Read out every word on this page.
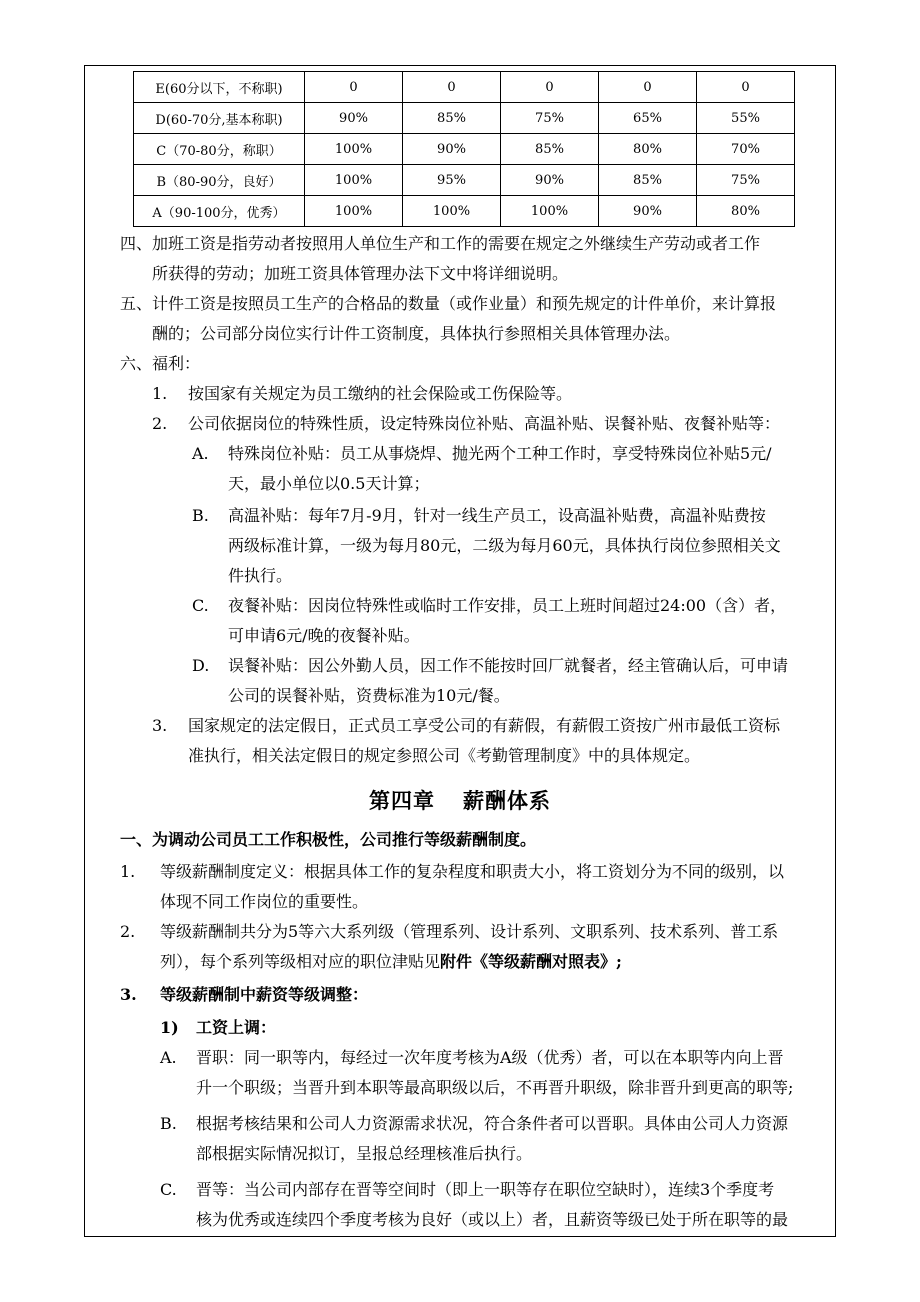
E(60分以下，不称职)	0	0	0	0	0
D(60-70分,基本称职)	90%	85%	75%	65%	55%
C（70-80分，称职）	100%	90%	85%	80%	70%
B（80-90分，良好）	100%	95%	90%	85%	75%
A（90-100分，优秀）	100%	100%	100%	90%	80%
四、加班工资是指劳动者按照用人单位生产和工作的需要在规定之外继续生产劳动或者工作
所获得的劳动；加班工资具体管理办法下文中将详细说明。
五、计件工资是按照员工生产的合格品的数量（或作业量）和预先规定的计件单价，来计算报
酬的；公司部分岗位实行计件工资制度，具体执行参照相关具体管理办法。
六、福利：
1. 按国家有关规定为员工缴纳的社会保险或工伤保险等。
2. 公司依据岗位的特殊性质，设定特殊岗位补贴、高温补贴、误餐补贴、夜餐补贴等：
A. 特殊岗位补贴：员工从事烧焊、抛光两个工种工作时，享受特殊岗位补贴5元/
天，最小单位以0.5天计算；
B. 高温补贴：每年7月-9月，针对一线生产员工，设高温补贴费，高温补贴费按
两级标准计算，一级为每月80元，二级为每月60元，具体执行岗位参照相关文
件执行。
C. 夜餐补贴：因岗位特殊性或临时工作安排，员工上班时间超过24:00（含）者，
可申请6元/晚的夜餐补贴。
D. 误餐补贴：因公外勤人员，因工作不能按时回厂就餐者，经主管确认后，可申请
公司的误餐补贴，资费标准为10元/餐。
3. 国家规定的法定假日，正式员工享受公司的有薪假，有薪假工资按广州市最低工资标
准执行，相关法定假日的规定参照公司《考勤管理制度》中的具体规定。
第四章 薪酬体系
一、为调动公司员工工作积极性，公司推行等级薪酬制度。
1. 等级薪酬制度定义：根据具体工作的复杂程度和职责大小，将工资划分为不同的级别，以
体现不同工作岗位的重要性。
2. 等级薪酬制共分为5等六大系列级（管理系列、设计系列、文职系列、技术系列、普工系
列），每个系列等级相对应的职位津贴见附件《等级薪酬对照表》;
3. 等级薪酬制中薪资等级调整：
1) 工资上调：
A. 晋职：同一职等内，每经过一次年度考核为A级（优秀）者，可以在本职等内向上晋
升一个职级；当晋升到本职等最高职级以后，不再晋升职级，除非晋升到更高的职等;
B. 根据考核结果和公司人力资源需求状况，符合条件者可以晋职。具体由公司人力资源
部根据实际情况拟订，呈报总经理核准后执行。
C. 晋等：当公司内部存在晋等空间时（即上一职等存在职位空缺时），连续3个季度考
核为优秀或连续四个季度考核为良好（或以上）者，且薪资等级已处于所在职等的最
